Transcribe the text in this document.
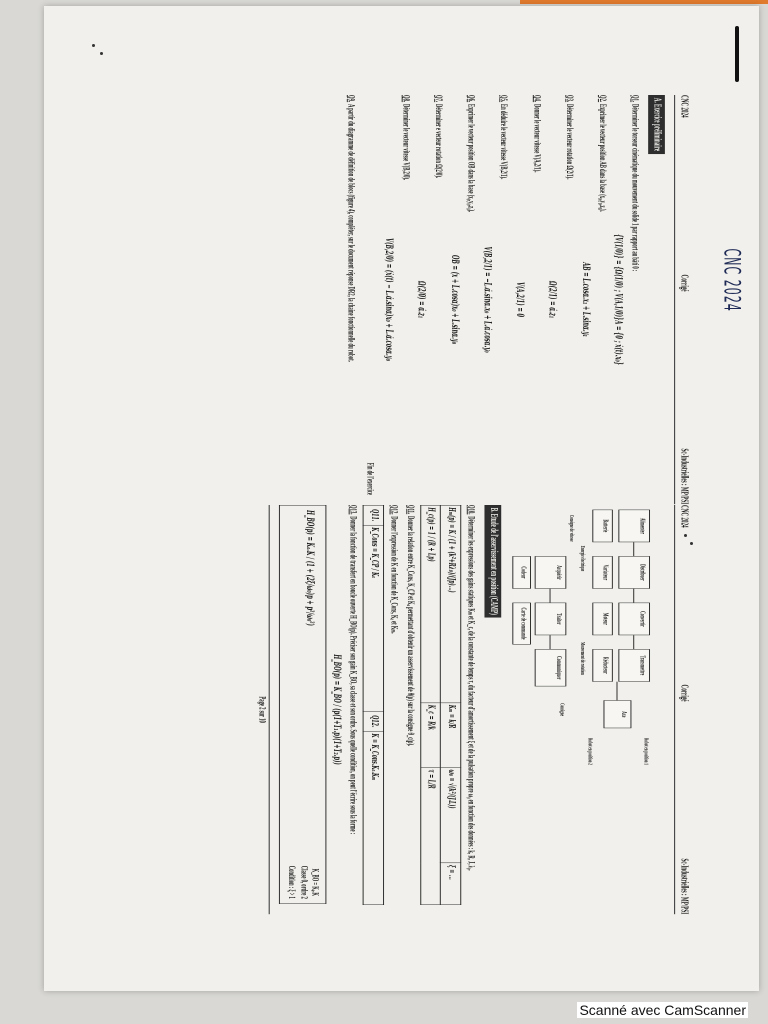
CNC 2024
Corrigé
Sc-Industrielles : MP/PSI
CNC 2024
A. Exercice préliminaire
Q1.Déterminer le torseur cinématique du mouvement du solide 1 par rapport au bâti 0 :
{V(1/0)} = {Ω(1/0) ; V(A,1/0)}A = {0 ; ẋ(t).x₀}
Q2.Exprimer le vecteur position AB dans la base (x₀,y₀,z₀).
AB = L.cosα.x₁ + L.sinα.y₁
Q3.Déterminer le vecteur rotation Ω(2/1).
Ω(2/1) = α̇.z₁
Q4.Donner le vecteur vitesse V(A,2/1).
V(A,2/1) = 0
Q5.En déduire le vecteur vitesse V(B,2/1).
V(B,2/1) = −L.α̇.sinα.x₀ + L.α̇.cosα.y₀
Q6.Exprimer le vecteur position OB dans la base (x₀,y₀,z₀).
OB = (x + L.cosα)x₀ + L.sinα.y₀
Q7.Déterminer e vecteur rotation Ω(2/0).
Ω(2/0) = α̇.z₁
Q8.Déterminer le vecteur vitesse V(B,2/0).
V(B,2/0) = (ẋ(t) − L.α̇.sinα)x₀ + L.α̇.cosα.y₀
Fin de l'exercice
Q9.A partir du diagramme de définition de blocs (figure 4), compléter, sur le document réponse DR2, la chaine fonctionnelle du robot.
CNC 2024
Corrigé
Sc-Industrielles : MP/PSI
Alimenter
Distribuer
Convertir
Transmettre
Acquérir
Traiter
Communiquer
Batterie
Variateur
Moteur
Réducteur
Axe
Codeur
Carte de commande
Consigne de vitesse
Energie électrique
Mouvement de rotation
Robot en position 1
Robot en position 2
Consigne
B. Etude de l'asservissement en position (CAMP)
Q10.Déterminer les expressions des gains statiques Kₘ et K_c, de la constante de temps τ, du facteur d'amortissement ξ et de la pulsation propre ω₀ en fonction des données : k, R, J, λ₀.
Hₘ(p) = K / (1 + (k²+Rλ₀)/(Jp)...)	Kₘ = k/R	ω₀ = √(k²/(J.L))	ξ = ...
H_c(p) = 1 / (R + Lp)	K_c = R/k	τ = L/R	
Q11.Donner la relation entre K_Cons, K_CP et Kₐ permettant d'obtenir un asservissement de θ(p) sur la consigne θ_c(p).
Q12.Donner l'expression de K en fonction de K_Cons, Kₐ et Kₘ.
Q11.	K_Cons = K_CP / Kₐ	Q12.	K = K_Cons.Kₐ.Kₘ
Q13.Donner la fonction de transfert en boucle ouverte H_BO(p). Préciser son gain K_BO, sa classe et son ordre. Sous quelle condition, on peut l'écrire sous la forme :
H_BO(p) = K_BO / (p(1+T₁.p)(1+T₂.p))
H_BO(p) = Kₐ.K / (1 + (2ξ/ω₀)p + p²/ω₀²)
K_BO = Kₐ.K
Classe 0, ordre 2
Condition : ξ > 1
Page 2 sur 10
Scanné avec CamScanner
